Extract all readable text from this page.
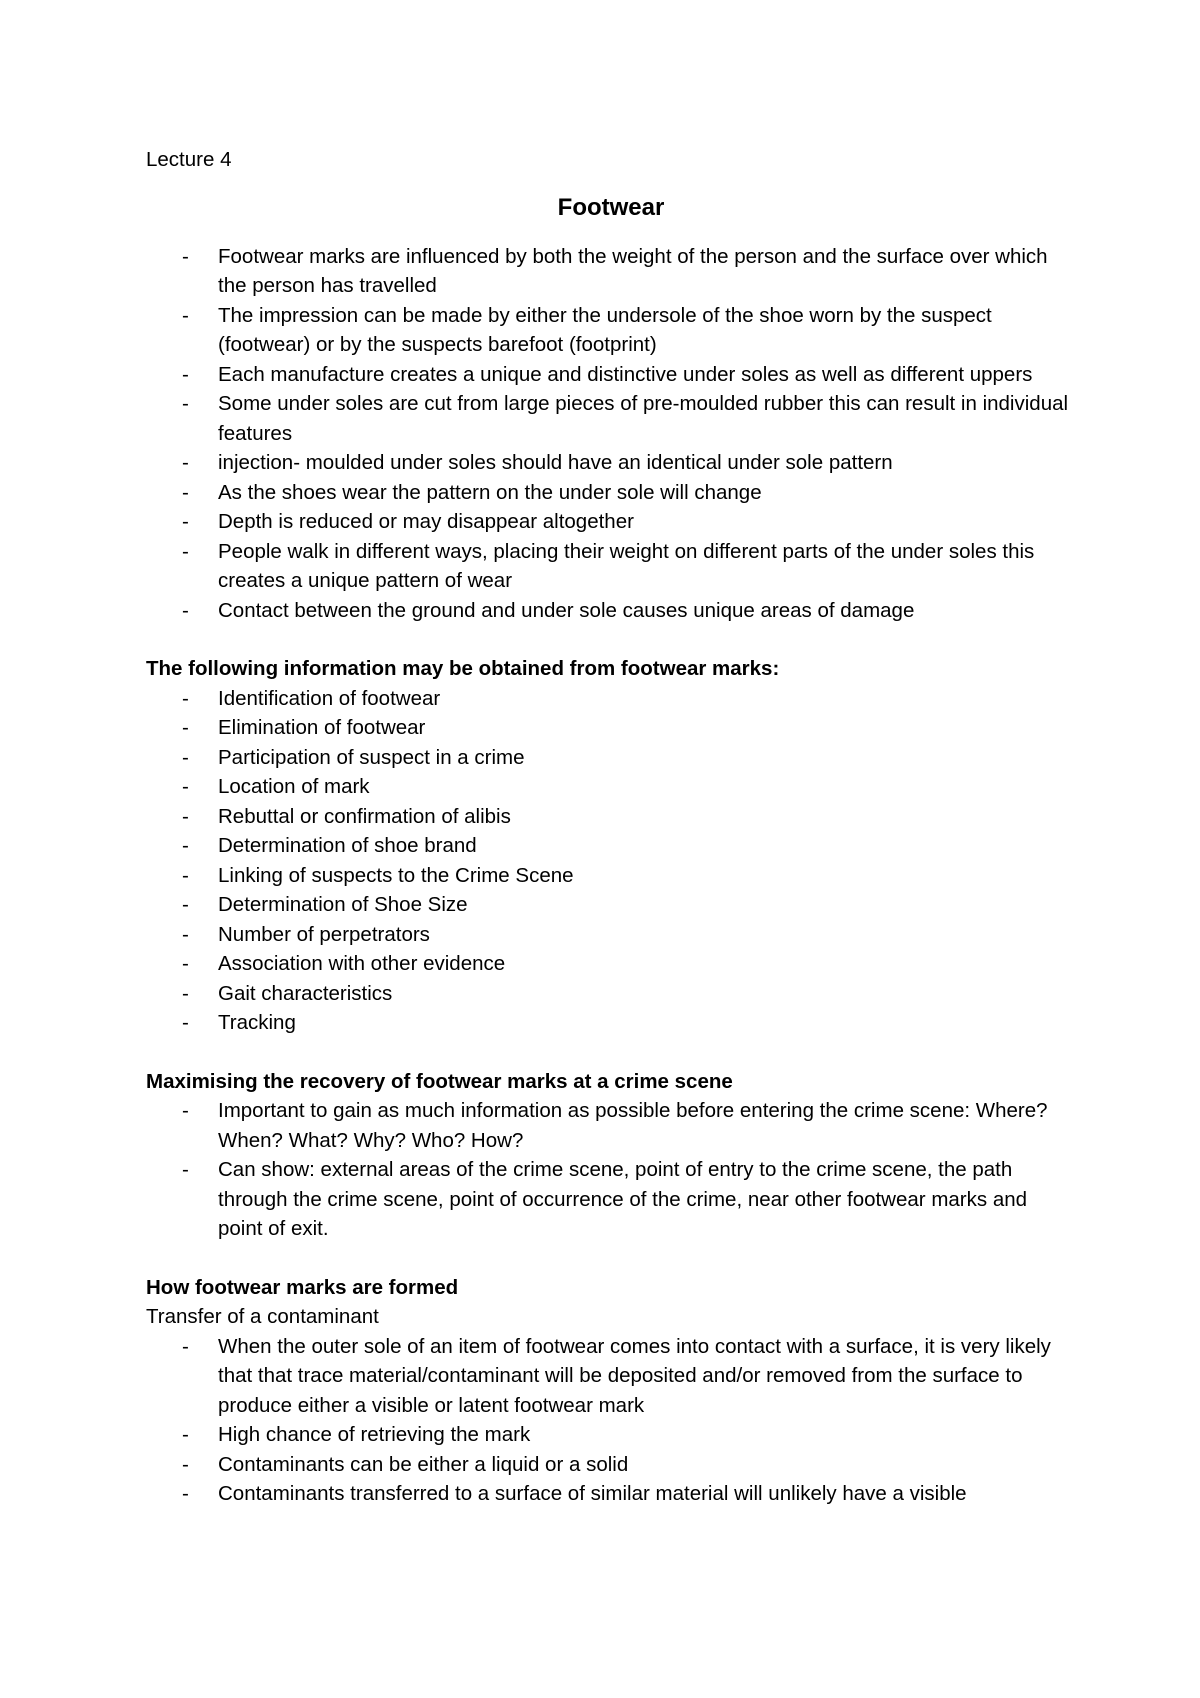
Lecture 4

Footwear
- Footwear marks are influenced by both the weight of the person and the surface over which the person has travelled
- The impression can be made by either the undersole of the shoe worn by the suspect (footwear) or by the suspects barefoot (footprint)
- Each manufacture creates a unique and distinctive under soles as well as different uppers
- Some under soles are cut from large pieces of pre-moulded rubber this can result in individual features
- injection- moulded under soles should have an identical under sole pattern
- As the shoes wear the pattern on the under sole will change
- Depth is reduced or may disappear altogether
- People walk in different ways, placing their weight on different parts of the under soles this creates a unique pattern of wear
- Contact between the ground and under sole causes unique areas of damage

The following information may be obtained from footwear marks:

- Identification of footwear
- Elimination of footwear
- Participation of suspect in a crime
- Location of mark
- Rebuttal or confirmation of alibis
- Determination of shoe brand
- Linking of suspects to the Crime Scene
- Determination of Shoe Size
- Number of perpetrators
- Association with other evidence
- Gait characteristics
- Tracking

Maximising the recovery of footwear marks at a crime scene

- Important to gain as much information as possible before entering the crime scene: Where? When? What? Why? Who? How?
- Can show: external areas of the crime scene, point of entry to the crime scene, the path through the crime scene, point of occurrence of the crime, near other footwear marks and point of exit.

How footwear marks are formed

Transfer of a contaminant

- When the outer sole of an item of footwear comes into contact with a surface, it is very likely that that trace material/contaminant will be deposited and/or removed from the surface to produce either a visible or latent footwear mark
- High chance of retrieving the mark
- Contaminants can be either a liquid or a solid
- Contaminants transferred to a surface of similar material will unlikely have a visible
